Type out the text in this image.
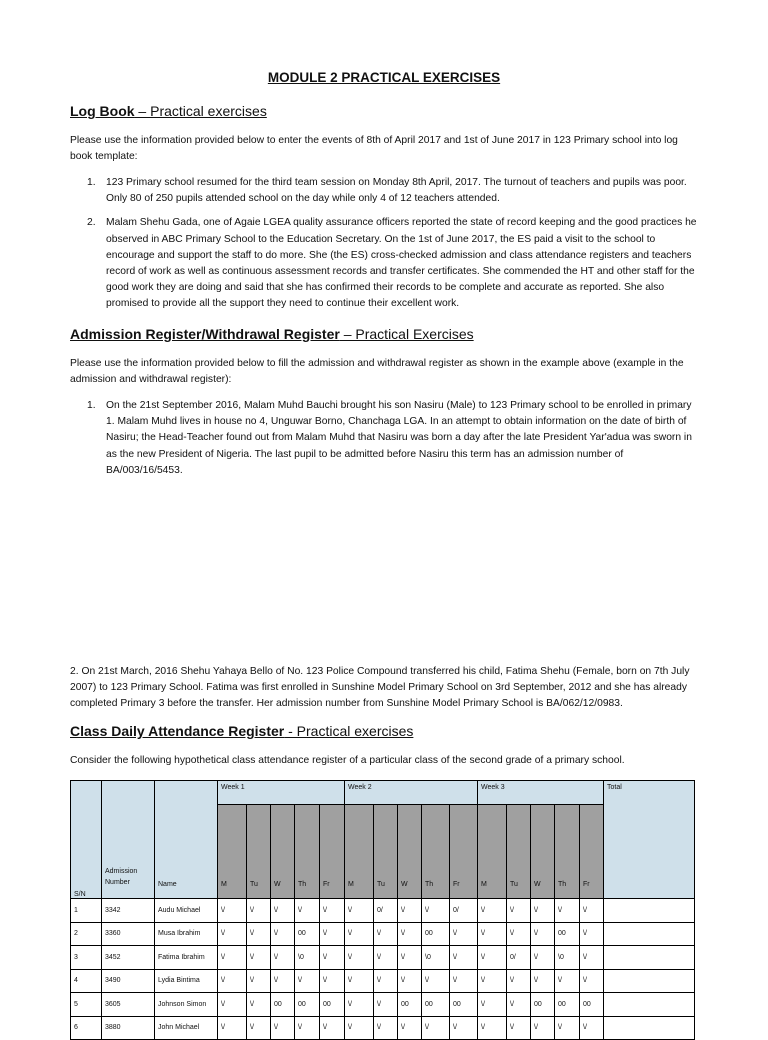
MODULE 2 PRACTICAL EXERCISES
Log Book – Practical exercises
Please use the information provided below to enter the events of 8th of April 2017 and 1st of June 2017 in 123 Primary school into log book template:
1. 123 Primary school resumed for the third team session on Monday 8th April, 2017. The turnout of teachers and pupils was poor. Only 80 of 250 pupils attended school on the day while only 4 of 12 teachers attended.
2. Malam Shehu Gada, one of Agaie LGEA quality assurance officers reported the state of record keeping and the good practices he observed in ABC Primary School to the Education Secretary. On the 1st of June 2017, the ES paid a visit to the school to encourage and support the staff to do more. She (the ES) cross-checked admission and class attendance registers and teachers record of work as well as continuous assessment records and transfer certificates. She commended the HT and other staff for the good work they are doing and said that she has confirmed their records to be complete and accurate as reported. She also promised to provide all the support they need to continue their excellent work.
Admission Register/Withdrawal Register – Practical Exercises
Please use the information provided below to fill the admission and withdrawal register as shown in the example above (example in the admission and withdrawal register):
1. On the 21st September 2016, Malam Muhd Bauchi brought his son Nasiru (Male) to 123 Primary school to be enrolled in primary 1. Malam Muhd lives in house no 4, Unguwar Borno, Chanchaga LGA. In an attempt to obtain information on the date of birth of Nasiru; the Head-Teacher found out from Malam Muhd that Nasiru was born a day after the late President Yar'adua was sworn in as the new President of Nigeria. The last pupil to be admitted before Nasiru this term has an admission number of BA/003/16/5453.
2. On 21st March, 2016 Shehu Yahaya Bello of No. 123 Police Compound transferred his child, Fatima Shehu (Female, born on 7th July 2007) to 123 Primary School. Fatima was first enrolled in Sunshine Model Primary School on 3rd September, 2012 and she has already completed Primary 3 before the transfer. Her admission number from Sunshine Model Primary School is BA/062/12/0983.
Class Daily Attendance Register - Practical exercises
Consider the following hypothetical class attendance register of a particular class of the second grade of a primary school.
S/N	Admission Number	Name	Week 1					Week 2					Week 3					Total
			M	Tu	W	Th	Fr	M	Tu	W	Th	Fr	M	Tu	W	Th	Fr	
1	3342	Audu Michael	\/	\/	\/	\/	\/	\/	0/	\/	\/	0/	\/	\/	\/	\/	\/	
2	3360	Musa Ibrahim	\/	\/	\/	00	\/	\/	\/	\/	00	\/	\/	\/	\/	00	\/	
3	3452	Fatima Ibrahim	\/	\/	\/	\0	\/	\/	\/	\/	\0	\/	\/	0/	\/	\0	\/	
4	3490	Lydia Bintima	\/	\/	\/	\/	\/	\/	\/	\/	\/	\/	\/	\/	\/	\/	\/	
5	3605	Johnson Simon	\/	\/	00	00	00	\/	\/	00	00	00	\/	\/	00	00	00	
6	3880	John Michael	\/	\/	\/	\/	\/	\/	\/	\/	\/	\/	\/	\/	\/	\/	\/	
